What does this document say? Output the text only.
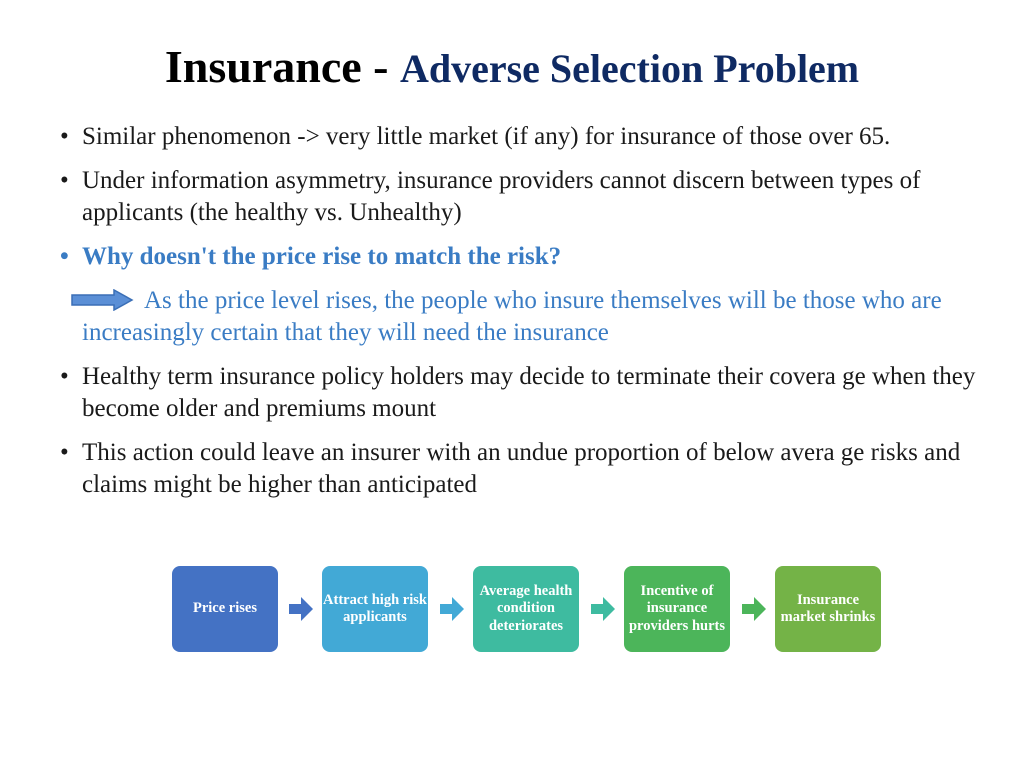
Insurance - Adverse Selection Problem
• Similar phenomenon -> very little market (if any) for insurance of those over 65.
• Under information asymmetry, insurance providers cannot discern between types of applicants (the healthy vs. Unhealthy)
• Why doesn't the price rise to match the risk?
As the price level rises, the people who insure themselves will be those who are increasingly certain that they will need the insurance
• Healthy term insurance policy holders may decide to terminate their covera ge when they become older and premiums mount
• This action could leave an insurer with an undue proportion of below avera ge risks and claims might be higher than anticipated
Price rises
Attract high risk applicants
Average health condition deteriorates
Incentive of insurance providers hurts
Insurance market shrinks
